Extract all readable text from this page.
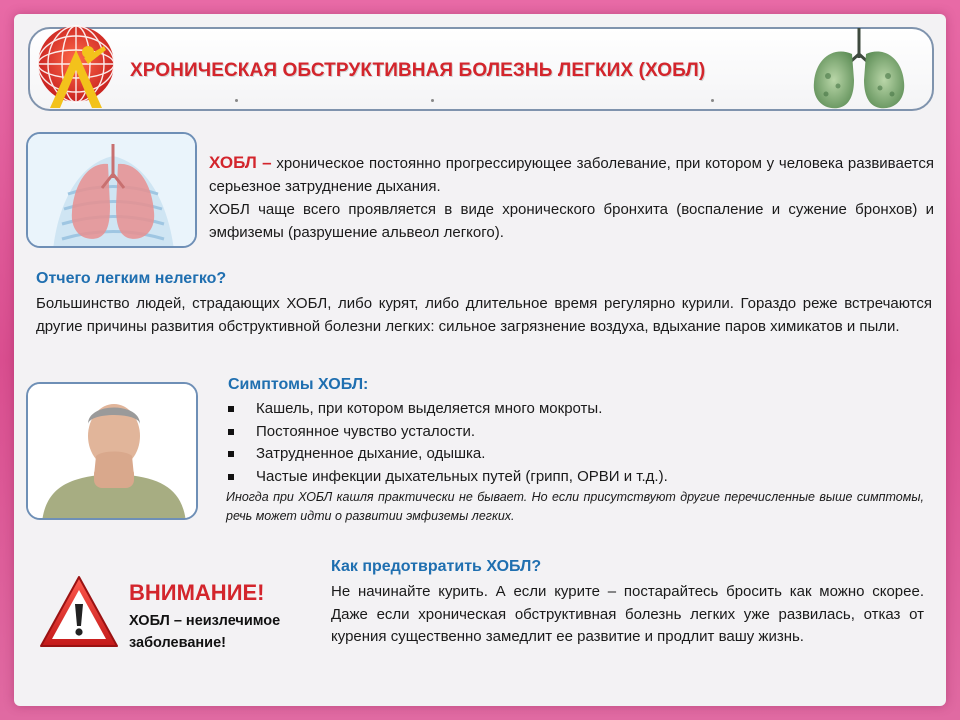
ХРОНИЧЕСКАЯ ОБСТРУКТИВНАЯ БОЛЕЗНЬ ЛЕГКИХ (ХОБЛ)
ХОБЛ – хроническое постоянно прогрессирующее заболевание, при котором у человека развивается серьезное затруднение дыхания.
ХОБЛ чаще всего проявляется в виде хронического бронхита (воспаление и сужение бронхов) и эмфиземы (разрушение альвеол легкого).
Отчего легким нелегко?
Большинство людей, страдающих ХОБЛ, либо курят, либо длительное время регулярно курили. Гораздо реже встречаются другие причины развития обструктивной болезни легких: сильное загрязнение воздуха, вдыхание паров химикатов и пыли.
Симптомы ХОБЛ:
Кашель, при котором выделяется много мокроты.
Постоянное чувство усталости.
Затрудненное дыхание, одышка.
Частые инфекции дыхательных путей (грипп, ОРВИ и т.д.).
Иногда при ХОБЛ кашля практически не бывает. Но если присутствуют другие перечисленные выше симптомы, речь может идти о развитии эмфиземы легких.
ВНИМАНИЕ!
ХОБЛ – неизлечимое заболевание!
Как предотвратить ХОБЛ?
Не начинайте курить. А если курите – постарайтесь бросить как можно скорее. Даже если хроническая обструктивная болезнь легких уже развилась, отказ от курения существенно замедлит ее развитие и продлит вашу жизнь.
